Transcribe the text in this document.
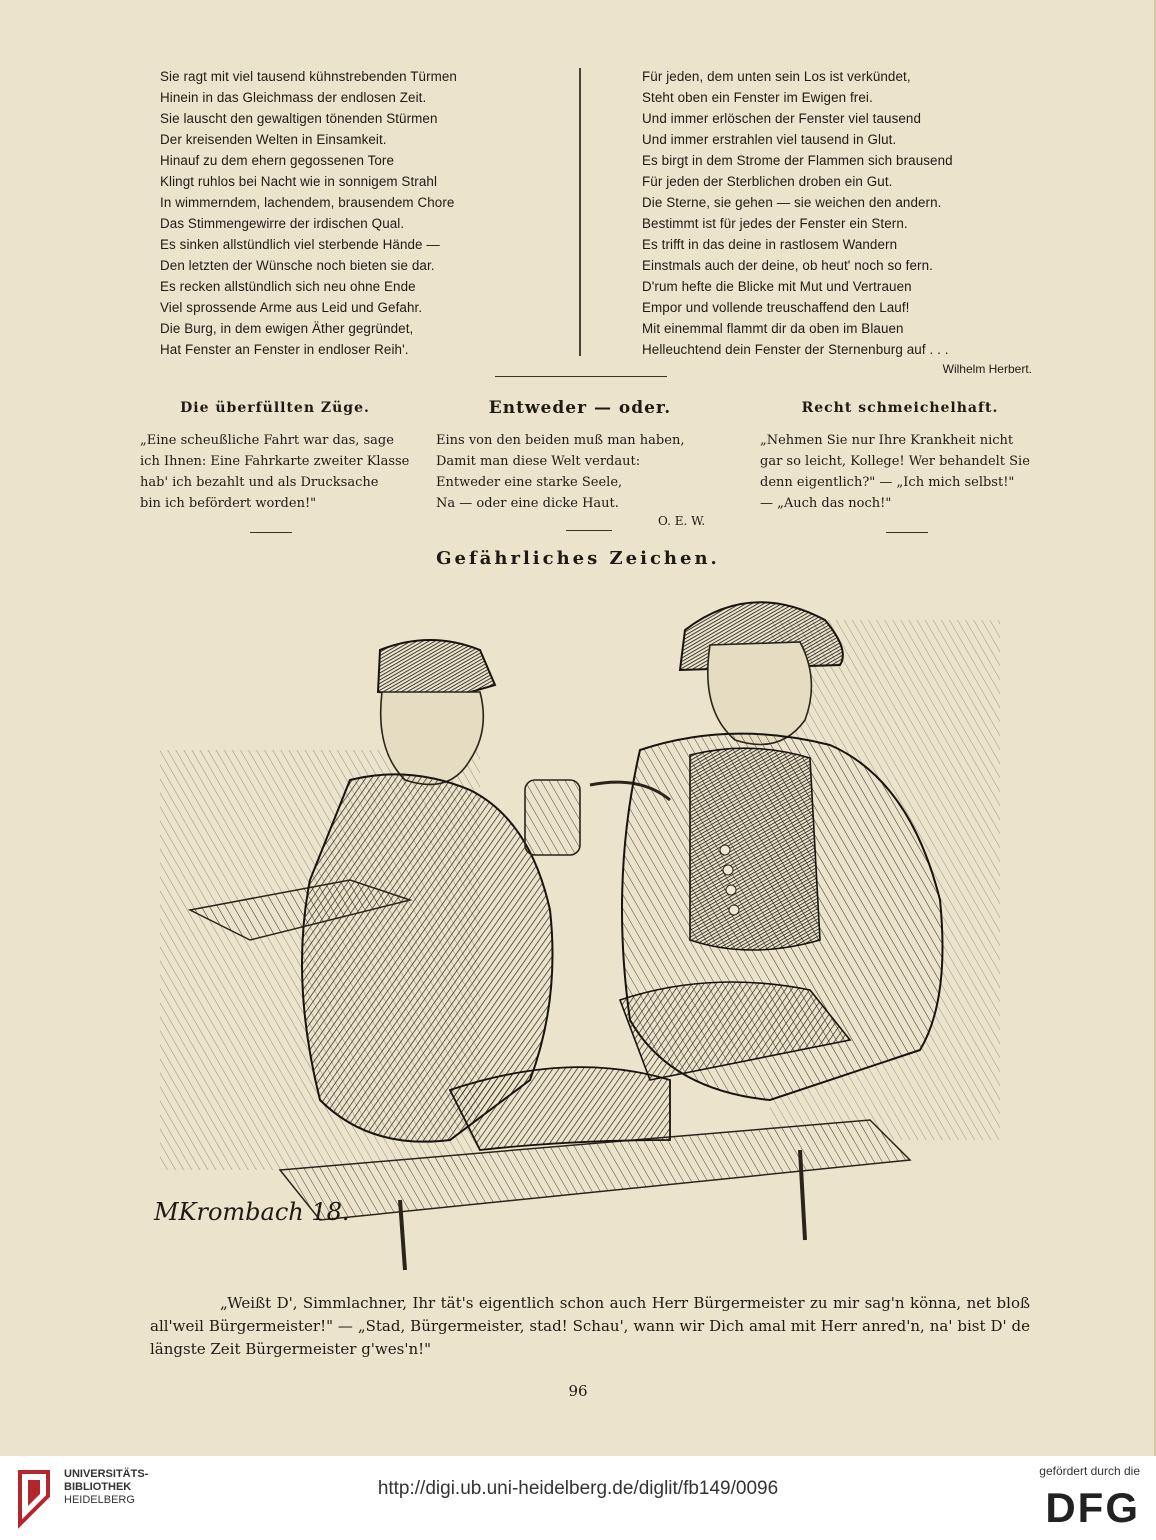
Sie ragt mit viel tausend kühnstrebenden Türmen
Hinein in das Gleichmass der endlosen Zeit.
Sie lauscht den gewaltigen tönenden Stürmen
Der kreisenden Welten in Einsamkeit.
Hinauf zu dem ehern gegossenen Tore
Klingt ruhlos bei Nacht wie in sonnigem Strahl
In wimmerndem, lachendem, brausendem Chore
Das Stimmengewirre der irdischen Qual.
Es sinken allstündlich viel sterbende Hände —
Den letzten der Wünsche noch bieten sie dar.
Es recken allstündlich sich neu ohne Ende
Viel sprossende Arme aus Leid und Gefahr.
Die Burg, in dem ewigen Äther gegründet,
Hat Fenster an Fenster in endloser Reih'.
Für jeden, dem unten sein Los ist verkündet,
Steht oben ein Fenster im Ewigen frei.
Und immer erlöschen der Fenster viel tausend
Und immer erstrahlen viel tausend in Glut.
Es birgt in dem Strome der Flammen sich brausend
Für jeden der Sterblichen droben ein Gut.
Die Sterne, sie gehen — sie weichen den andern.
Bestimmt ist für jedes der Fenster ein Stern.
Es trifft in das deine in rastlosem Wandern
Einstmals auch der deine, ob heut' noch so fern.
D'rum hefte die Blicke mit Mut und Vertrauen
Empor und vollende treuschaffend den Lauf!
Mit einemmal flammt dir da oben im Blauen
Helleuchtend dein Fenster der Sternenburg auf . . .
Wilhelm Herbert.
Die überfüllten Züge.
„Eine scheußliche Fahrt war das, sage
ich Ihnen: Eine Fahrkarte zweiter Klasse
hab' ich bezahlt und als Drucksache
bin ich befördert worden!"
Entweder — oder.
Eins von den beiden muß man haben,
Damit man diese Welt verdaut:
Entweder eine starke Seele,
Na — oder eine dicke Haut.
O. E. W.
Recht schmeichelhaft.
„Nehmen Sie nur Ihre Krankheit nicht
gar so leicht, Kollege! Wer behandelt Sie
denn eigentlich?" — „Ich mich selbst!"
— „Auch das noch!"
Gefährliches Zeichen.
MKrombach 18.
„Weißt D', Simmlachner, Ihr tät's eigentlich schon auch Herr Bürgermeister zu mir sag'n könna, net bloß all'weil Bürgermeister!" — „Stad, Bürgermeister, stad! Schau', wann wir Dich amal mit Herr anred'n, na' bist D' de längste Zeit Bürgermeister g'wes'n!"
96
UNIVERSITÄTS-
BIBLIOTHEK
HEIDELBERG
http://digi.ub.uni-heidelberg.de/diglit/fb149/0096
gefördert durch die
DFG
